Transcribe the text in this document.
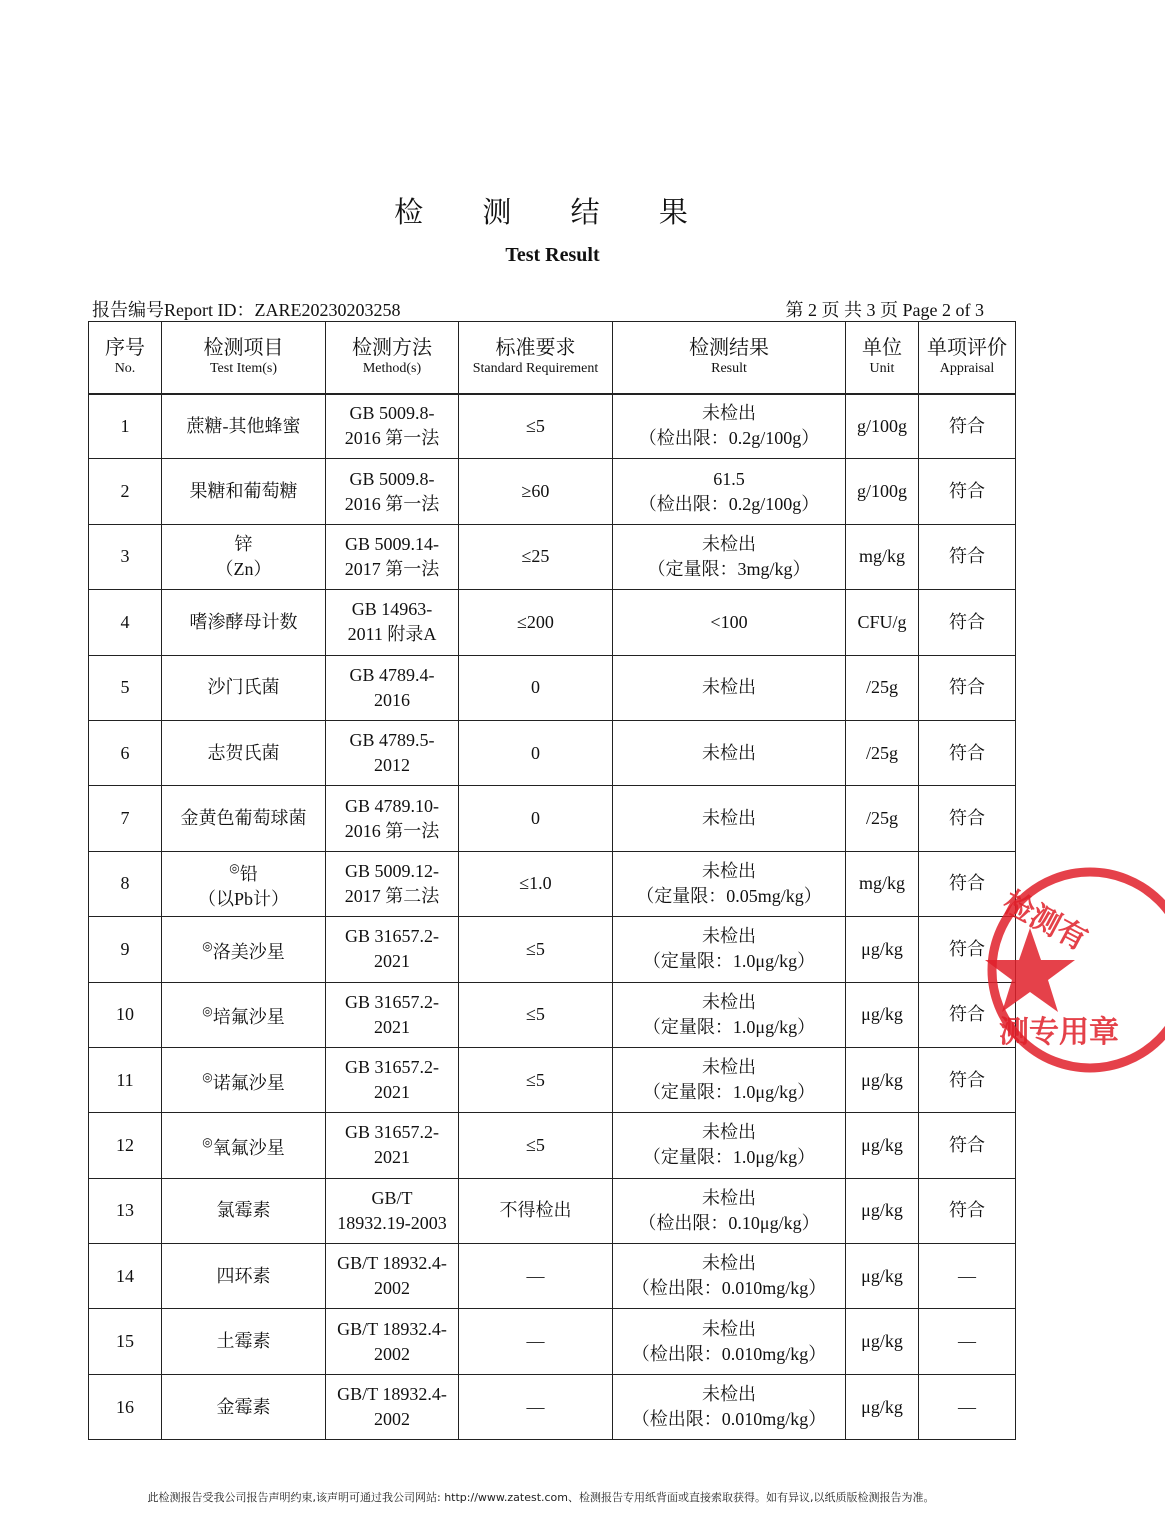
检 测 结 果
Test Result
报告编号Report ID：ZARE20230203258	第 2 页 共 3 页 Page 2 of 3
序号
No.	检测项目
Test Item(s)	检测方法
Method(s)	标准要求
Standard Requirement	检测结果
Result	单位
Unit	单项评价
Appraisal

1	蔗糖-其他蜂蜜	GB 5009.8-
2016 第一法	≤5	未检出
（检出限：0.2g/100g）	g/100g	符合
2	果糖和葡萄糖	GB 5009.8-
2016 第一法	≥60	61.5
（检出限：0.2g/100g）	g/100g	符合
3	锌
（Zn）	GB 5009.14-
2017 第一法	≤25	未检出
（定量限：3mg/kg）	mg/kg	符合
4	嗜渗酵母计数	GB 14963-
2011 附录A	≤200	<100	CFU/g	符合
5	沙门氏菌	GB 4789.4-
2016	0	未检出	/25g	符合
6	志贺氏菌	GB 4789.5-
2012	0	未检出	/25g	符合
7	金黄色葡萄球菌	GB 4789.10-
2016 第一法	0	未检出	/25g	符合
8	◎铅
（以Pb计）	GB 5009.12-
2017 第二法	≤1.0	未检出
（定量限：0.05mg/kg）	mg/kg	符合
9	◎洛美沙星	GB 31657.2-
2021	≤5	未检出
（定量限：1.0μg/kg）	μg/kg	符合
10	◎培氟沙星	GB 31657.2-
2021	≤5	未检出
（定量限：1.0μg/kg）	μg/kg	符合
11	◎诺氟沙星	GB 31657.2-
2021	≤5	未检出
（定量限：1.0μg/kg）	μg/kg	符合
12	◎氧氟沙星	GB 31657.2-
2021	≤5	未检出
（定量限：1.0μg/kg）	μg/kg	符合
13	氯霉素	GB/T
18932.19-2003	不得检出	未检出
（检出限：0.10μg/kg）	μg/kg	符合
14	四环素	GB/T 18932.4-
2002	—	未检出
（检出限：0.010mg/kg）	μg/kg	—
15	土霉素	GB/T 18932.4-
2002	—	未检出
（检出限：0.010mg/kg）	μg/kg	—
16	金霉素	GB/T 18932.4-
2002	—	未检出
（检出限：0.010mg/kg）	μg/kg	—
检测有
测专用章
此检测报告受我公司报告声明约束,该声明可通过我公司网站: http://www.zatest.com、检测报告专用纸背面或直接索取获得。如有异议,以纸质版检测报告为准。
